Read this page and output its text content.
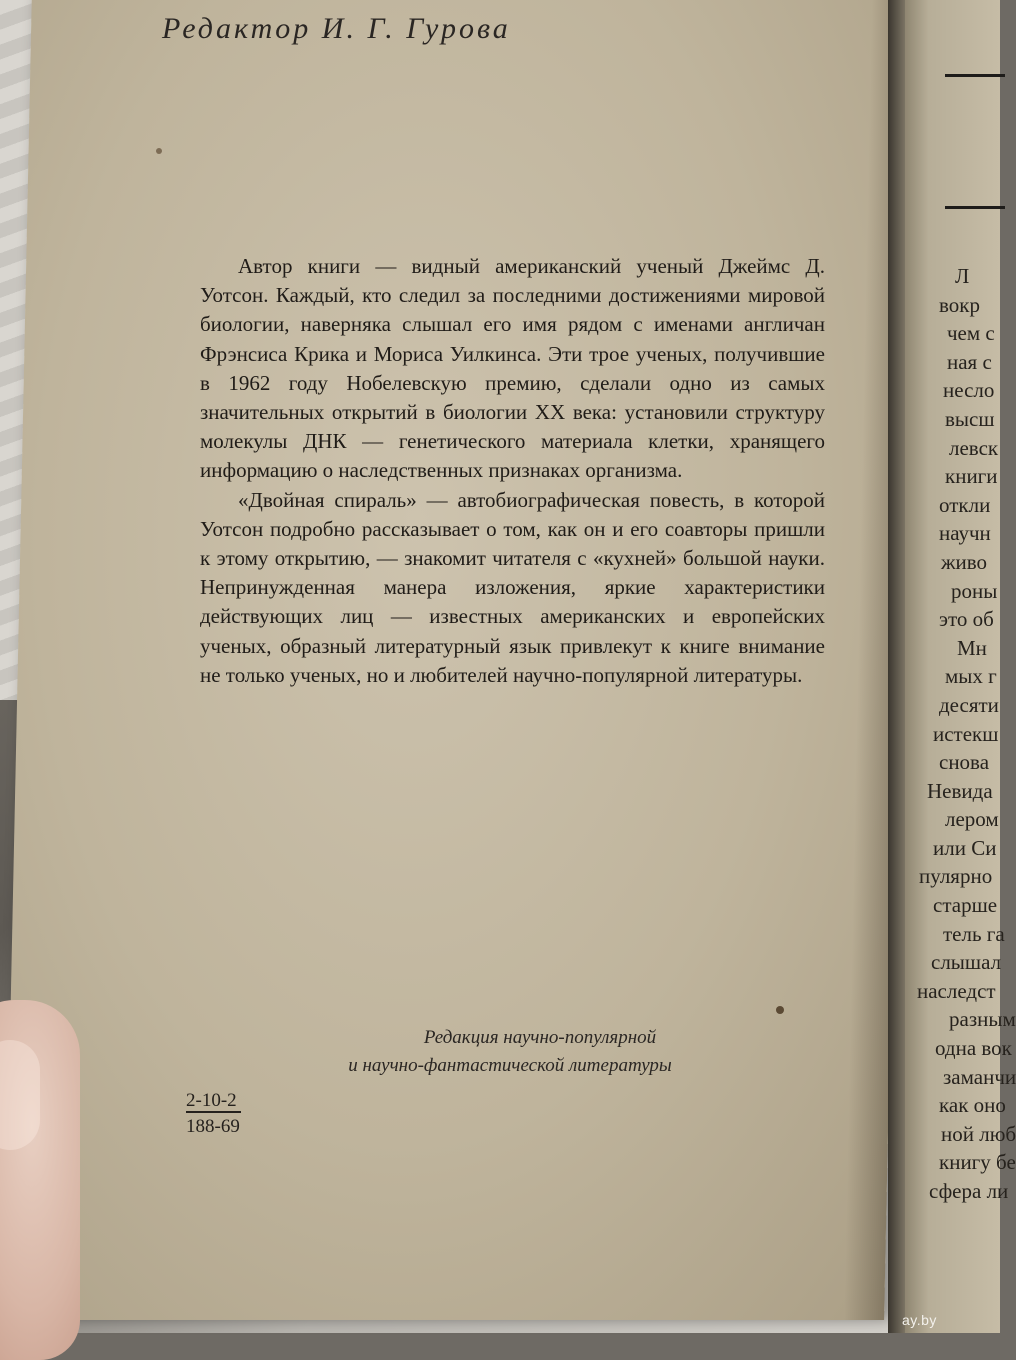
Л
вокр
чем с
ная с
несло
высш
левск
книги
откли
научн
живо
роны
это об
Мн
мых г
десяти
истекш
снова
Невида
лером
или Си
пулярно
старше
тель га
слышал
наследст
разным
одна вок
заманчи
как оно
ной люб
книгу бе
сфера ли
Редактор И. Г. Гурова

Автор книги — видный американский ученый Джеймс Д. Уотсон. Каждый, кто следил за последними достижениями мировой биологии, наверняка слышал его имя рядом с именами англичан Фрэнсиса Крика и Мориса Уилкинса. Эти трое ученых, получившие в 1962 году Нобелевскую премию, сделали одно из самых значительных открытий в биологии XX века: установили структуру молекулы ДНК — генетического материала клетки, хранящего информацию о наследственных признаках организма.

«Двойная спираль» — автобиографическая повесть, в которой Уотсон подробно рассказывает о том, как он и его соавторы пришли к этому открытию, — знакомит читателя с «кухней» большой науки. Непринужденная манера изложения, яркие характеристики действующих лиц — известных американских и европейских ученых, образный литературный язык привлекут к книге внимание не только ученых, но и любителей научно-популярной литературы.

Редакция научно-популярной
и научно-фантастической литературы
2-10-2
188-69
ay.by
